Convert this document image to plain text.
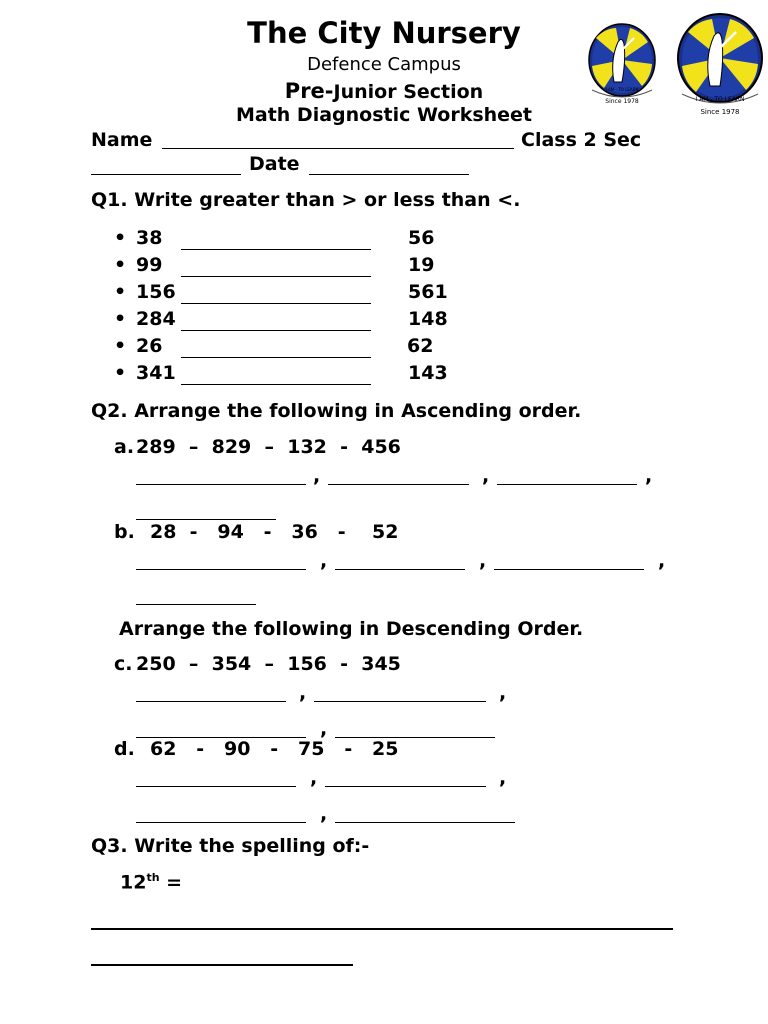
The City Nursery
Defence Campus
Pre-Junior Section
Math Diagnostic Worksheet
I AM - TO LEARN
Since 1978	I AM - TO LEARN
Since 1978
Name	Class 2 Sec
Date
Q1. Write greater than > or less than <.
• 38	56
• 99	19
• 156	561
• 284	148
• 26	62
• 341	143
Q2. Arrange the following in Ascending order.
a. 289  –  829  –  132  -  456
,	,	,
b. 28  -   94   -   36   -    52
,	,	,
Arrange the following in Descending Order.
c. 250  –  354  –  156  -  345
,	,
,
d. 62   -   90   -   75   -   25
,	,
,
Q3. Write the spelling of:-
12th =
